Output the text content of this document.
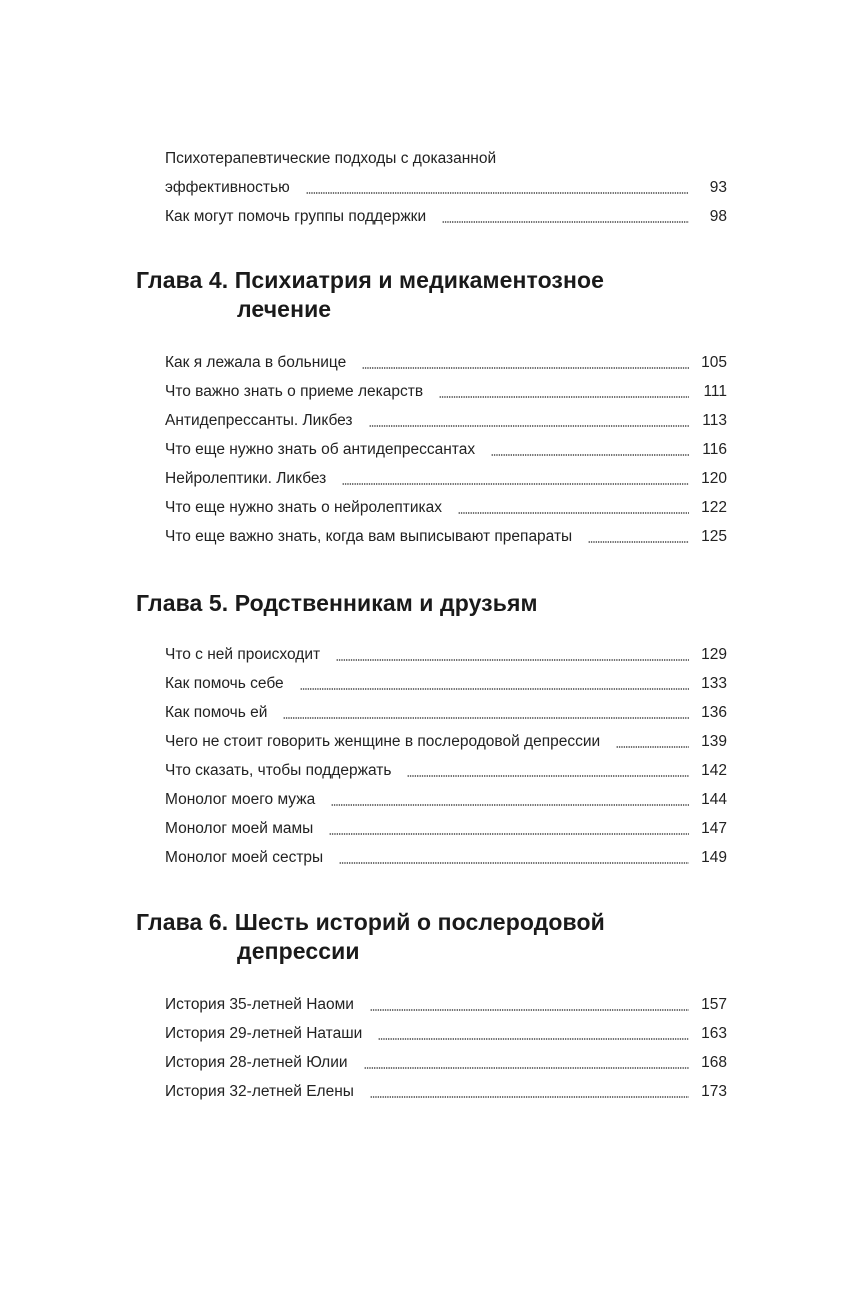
Психотерапевтические подходы с доказанной
эффективностью	93
Как могут помочь группы поддержки	98
Глава 4. Психиатрия и медикаментозное
лечение
Как я лежала в больнице	105
Что важно знать о приеме лекарств	111
Антидепрессанты. Ликбез	113
Что еще нужно знать об антидепрессантах	116
Нейролептики. Ликбез	120
Что еще нужно знать о нейролептиках	122
Что еще важно знать, когда вам выписывают препараты	125
Глава 5. Родственникам и друзьям
Что с ней происходит	129
Как помочь себе	133
Как помочь ей	136
Чего не стоит говорить женщине в послеродовой депрессии	139
Что сказать, чтобы поддержать	142
Монолог моего мужа	144
Монолог моей мамы	147
Монолог моей сестры	149
Глава 6. Шесть историй о послеродовой
депрессии
История 35-летней Наоми	157
История 29-летней Наташи	163
История 28-летней Юлии	168
История 32-летней Елены	173
